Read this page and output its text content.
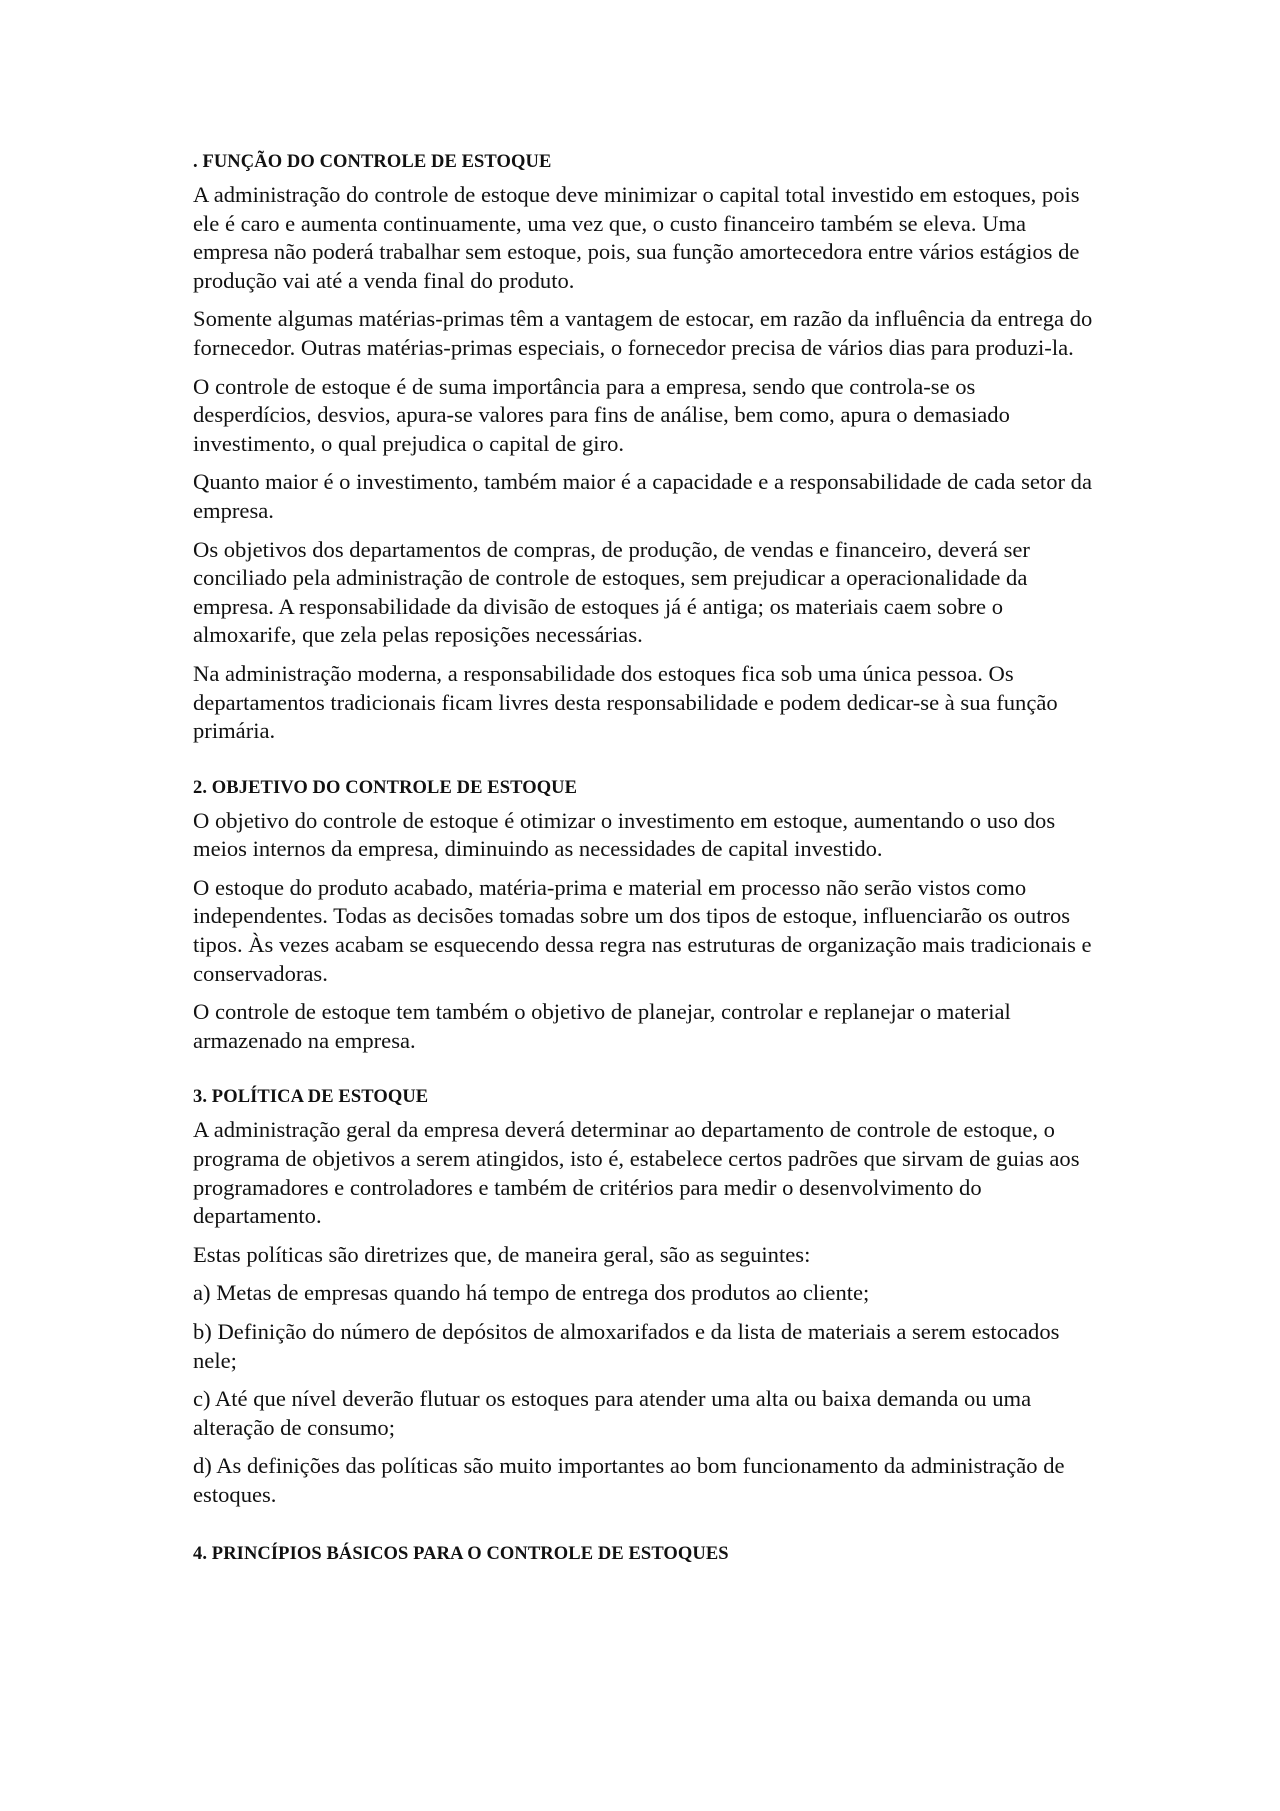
. FUNÇÃO DO CONTROLE DE ESTOQUE

A administração do controle de estoque deve minimizar o capital total investido em estoques, pois ele é caro e aumenta continuamente, uma vez que, o custo financeiro também se eleva. Uma empresa não poderá trabalhar sem estoque, pois, sua função amortecedora entre vários estágios de produção vai até a venda final do produto.

Somente algumas matérias-primas têm a vantagem de estocar, em razão da influência da entrega do fornecedor. Outras matérias-primas especiais, o fornecedor precisa de vários dias para produzi-la.

O controle de estoque é de suma importância para a empresa, sendo que controla-se os desperdícios, desvios, apura-se valores para fins de análise, bem como, apura o demasiado investimento, o qual prejudica o capital de giro.

Quanto maior é o investimento, também maior é a capacidade e a responsabilidade de cada setor da empresa.

Os objetivos dos departamentos de compras, de produção, de vendas e financeiro, deverá ser conciliado pela administração de controle de estoques, sem prejudicar a operacionalidade da empresa. A responsabilidade da divisão de estoques já é antiga; os materiais caem sobre o almoxarife, que zela pelas reposições necessárias.

Na administração moderna, a responsabilidade dos estoques fica sob uma única pessoa. Os departamentos tradicionais ficam livres desta responsabilidade e podem dedicar-se à sua função primária.

2. OBJETIVO DO CONTROLE DE ESTOQUE

O objetivo do controle de estoque é otimizar o investimento em estoque, aumentando o uso dos meios internos da empresa, diminuindo as necessidades de capital investido.

O estoque do produto acabado, matéria-prima e material em processo não serão vistos como independentes. Todas as decisões tomadas sobre um dos tipos de estoque, influenciarão os outros tipos. Às vezes acabam se esquecendo dessa regra nas estruturas de organização mais tradicionais e conservadoras.

O controle de estoque tem também o objetivo de planejar, controlar e replanejar o material armazenado na empresa.

3. POLÍTICA DE ESTOQUE

A administração geral da empresa deverá determinar ao departamento de controle de estoque, o programa de objetivos a serem atingidos, isto é, estabelece certos padrões que sirvam de guias aos programadores e controladores e também de critérios para medir o desenvolvimento do departamento.

Estas políticas são diretrizes que, de maneira geral, são as seguintes:

a) Metas de empresas quando há tempo de entrega dos produtos ao cliente;

b) Definição do número de depósitos de almoxarifados e da lista de materiais a serem estocados nele;

c) Até que nível deverão flutuar os estoques para atender uma alta ou baixa demanda ou uma alteração de consumo;

d) As definições das políticas são muito importantes ao bom funcionamento da administração de estoques.

4. PRINCÍPIOS BÁSICOS PARA O CONTROLE DE ESTOQUES
